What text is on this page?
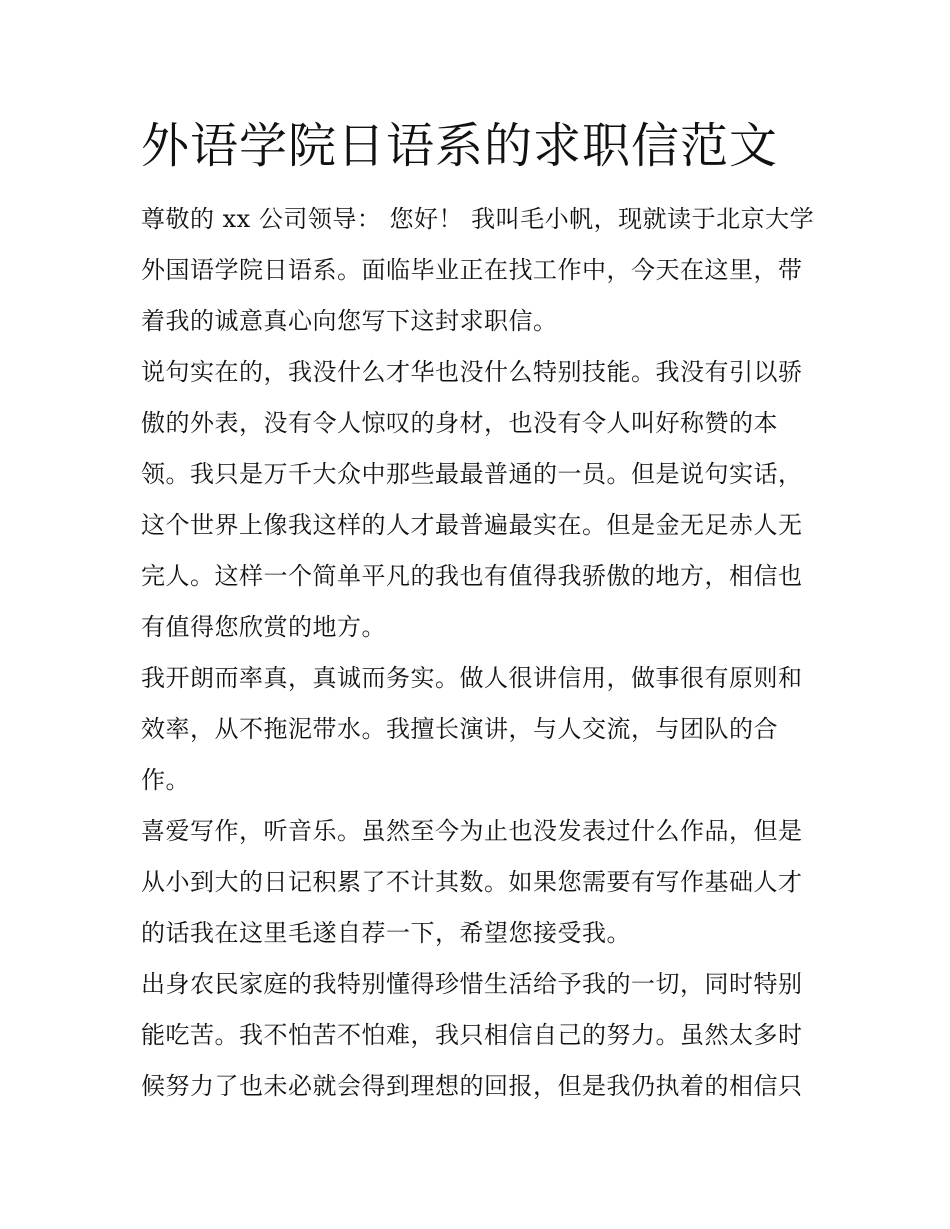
外语学院日语系的求职信范文

尊敬的 xx 公司领导： 您好！ 我叫毛小帆，现就读于北京大学
外国语学院日语系。面临毕业正在找工作中，今天在这里，带
着我的诚意真心向您写下这封求职信。

说句实在的，我没什么才华也没什么特别技能。我没有引以骄
傲的外表，没有令人惊叹的身材，也没有令人叫好称赞的本
领。我只是万千大众中那些最最普通的一员。但是说句实话，
这个世界上像我这样的人才最普遍最实在。但是金无足赤人无
完人。这样一个简单平凡的我也有值得我骄傲的地方，相信也
有值得您欣赏的地方。

我开朗而率真，真诚而务实。做人很讲信用，做事很有原则和
效率，从不拖泥带水。我擅长演讲，与人交流，与团队的合
作。

喜爱写作，听音乐。虽然至今为止也没发表过什么作品，但是
从小到大的日记积累了不计其数。如果您需要有写作基础人才
的话我在这里毛遂自荐一下，希望您接受我。

出身农民家庭的我特别懂得珍惜生活给予我的一切，同时特别
能吃苦。我不怕苦不怕难，我只相信自己的努力。虽然太多时
候努力了也未必就会得到理想的回报，但是我仍执着的相信只
